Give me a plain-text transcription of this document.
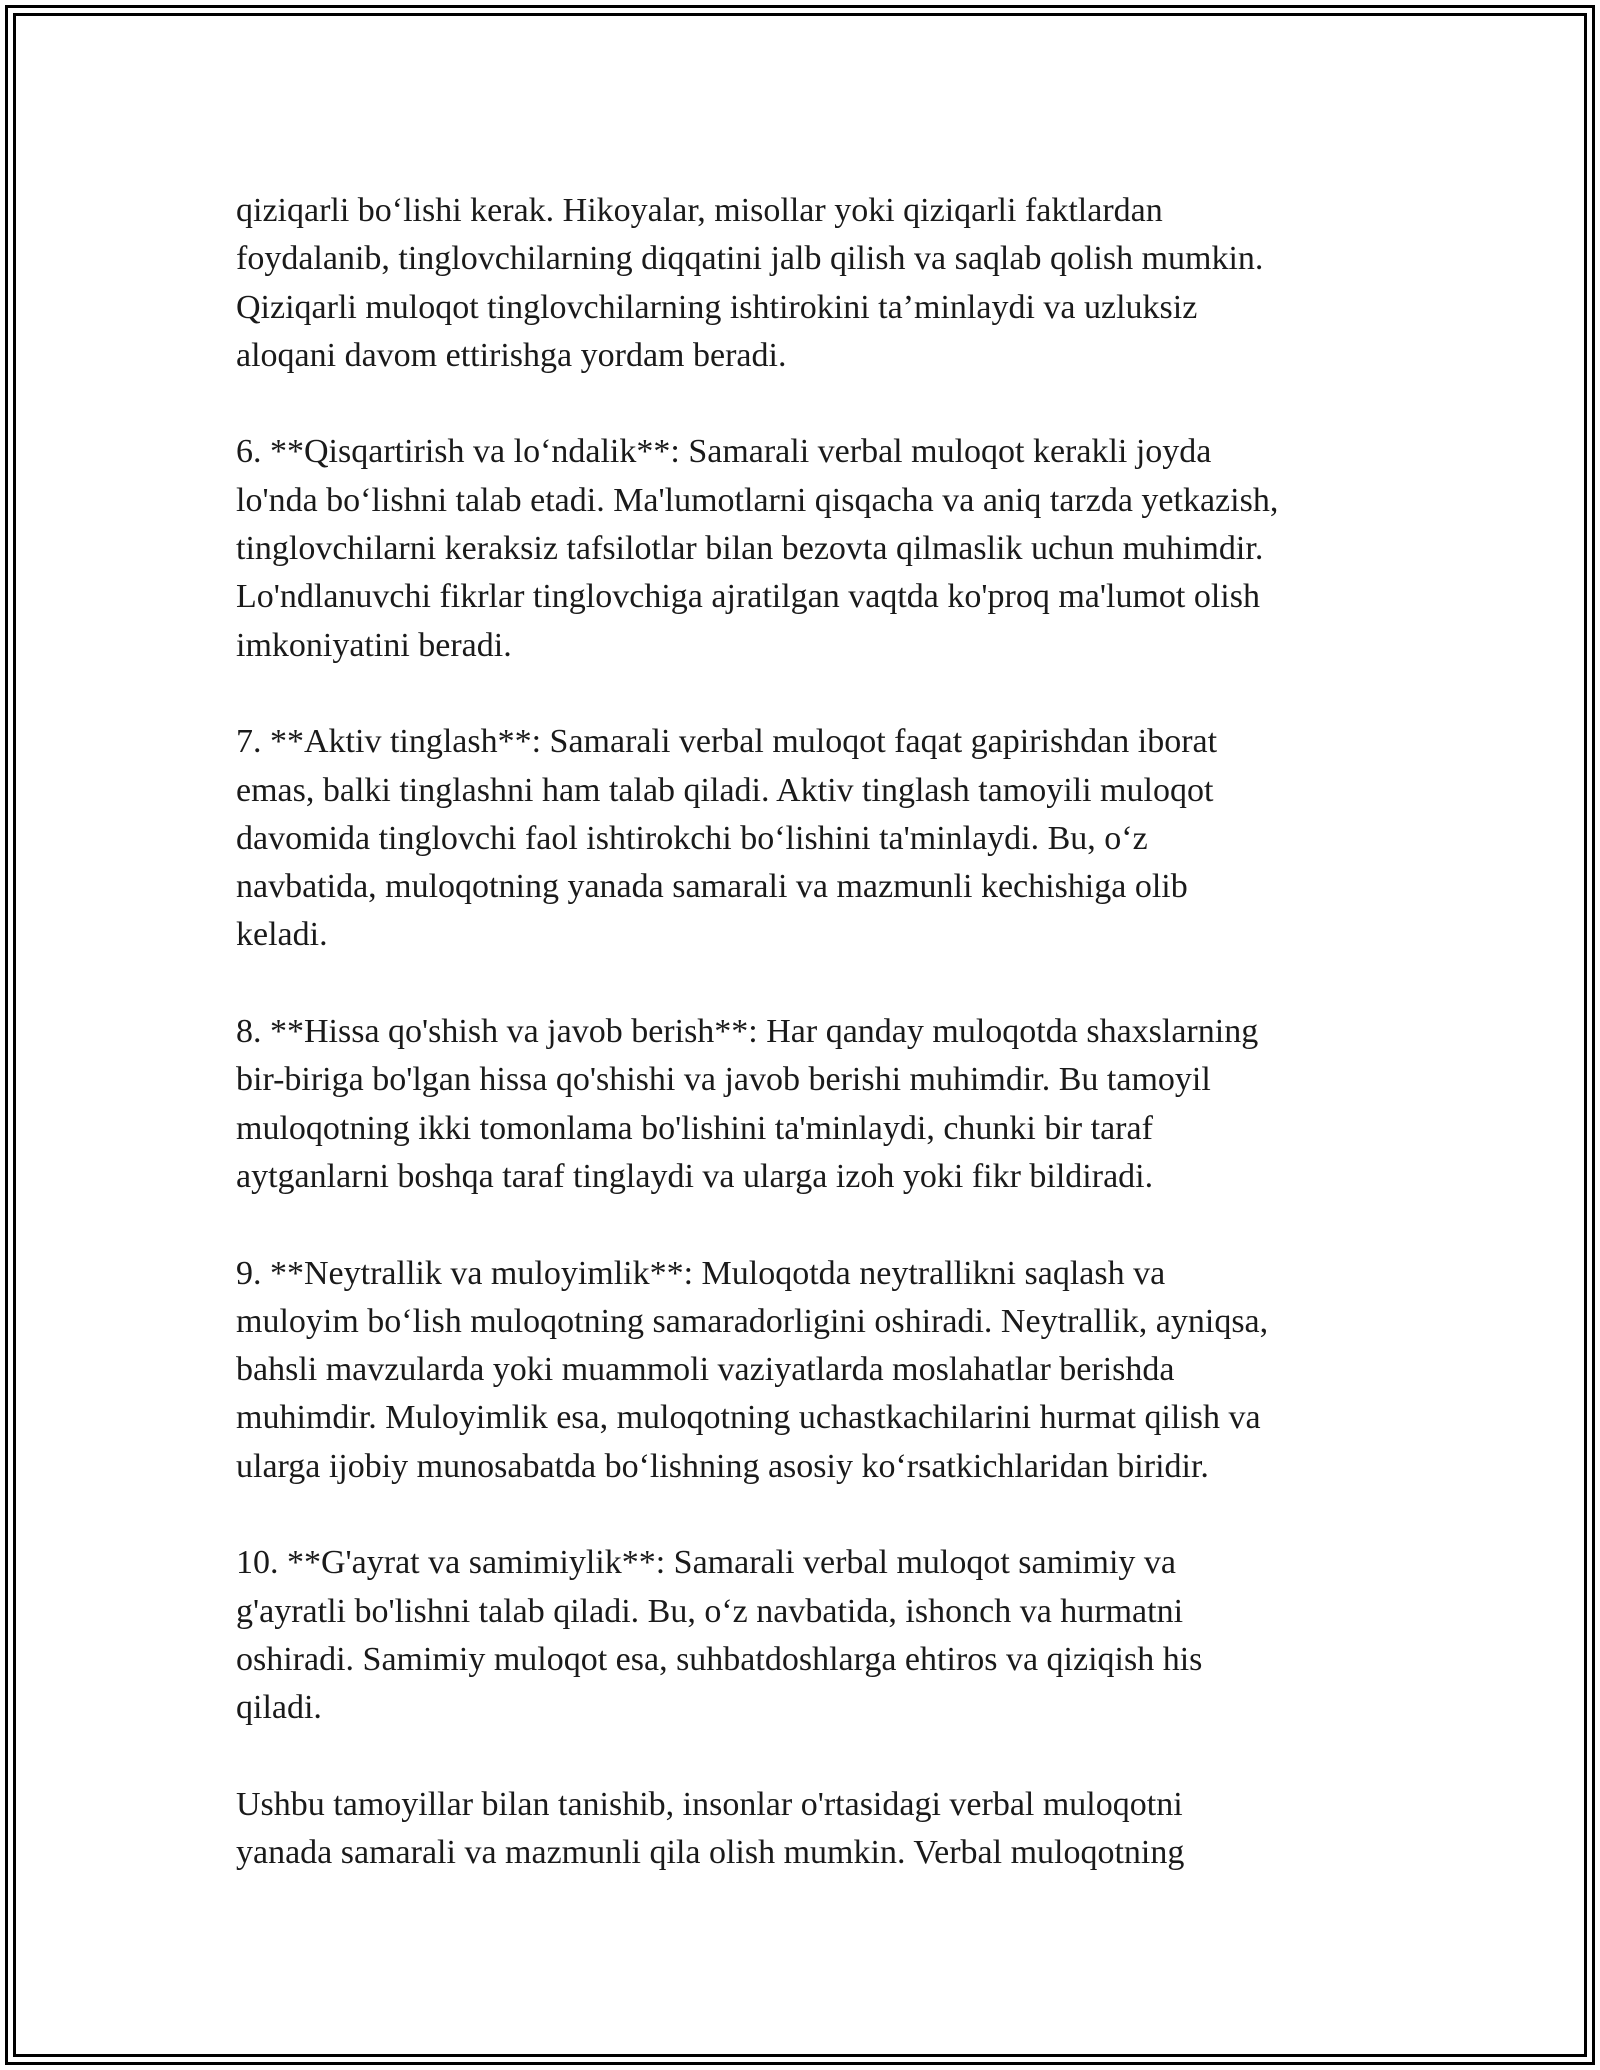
qiziqarli bo‘lishi kerak. Hikoyalar, misollar yoki qiziqarli faktlardan
foydalanib, tinglovchilarning diqqatini jalb qilish va saqlab qolish mumkin.
Qiziqarli muloqot tinglovchilarning ishtirokini ta’minlaydi va uzluksiz
aloqani davom ettirishga yordam beradi.

6. **Qisqartirish va lo‘ndalik**: Samarali verbal muloqot kerakli joyda
lo'nda bo‘lishni talab etadi. Ma'lumotlarni qisqacha va aniq tarzda yetkazish,
tinglovchilarni keraksiz tafsilotlar bilan bezovta qilmaslik uchun muhimdir.
Lo'ndlanuvchi fikrlar tinglovchiga ajratilgan vaqtda ko'proq ma'lumot olish
imkoniyatini beradi.

7. **Aktiv tinglash**: Samarali verbal muloqot faqat gapirishdan iborat
emas, balki tinglashni ham talab qiladi. Aktiv tinglash tamoyili muloqot
davomida tinglovchi faol ishtirokchi bo‘lishini ta'minlaydi. Bu, o‘z
navbatida, muloqotning yanada samarali va mazmunli kechishiga olib
keladi.

8. **Hissa qo'shish va javob berish**: Har qanday muloqotda shaxslarning
bir-biriga bo'lgan hissa qo'shishi va javob berishi muhimdir. Bu tamoyil
muloqotning ikki tomonlama bo'lishini ta'minlaydi, chunki bir taraf
aytganlarni boshqa taraf tinglaydi va ularga izoh yoki fikr bildiradi.

9. **Neytrallik va muloyimlik**: Muloqotda neytrallikni saqlash va
muloyim bo‘lish muloqotning samaradorligini oshiradi. Neytrallik, ayniqsa,
bahsli mavzularda yoki muammoli vaziyatlarda moslahatlar berishda
muhimdir. Muloyimlik esa, muloqotning uchastkachilarini hurmat qilish va
ularga ijobiy munosabatda bo‘lishning asosiy ko‘rsatkichlaridan biridir.

10. **G'ayrat va samimiylik**: Samarali verbal muloqot samimiy va
g'ayratli bo'lishni talab qiladi. Bu, o‘z navbatida, ishonch va hurmatni
oshiradi. Samimiy muloqot esa, suhbatdoshlarga ehtiros va qiziqish his
qiladi.

Ushbu tamoyillar bilan tanishib, insonlar o'rtasidagi verbal muloqotni
yanada samarali va mazmunli qila olish mumkin. Verbal muloqotning
